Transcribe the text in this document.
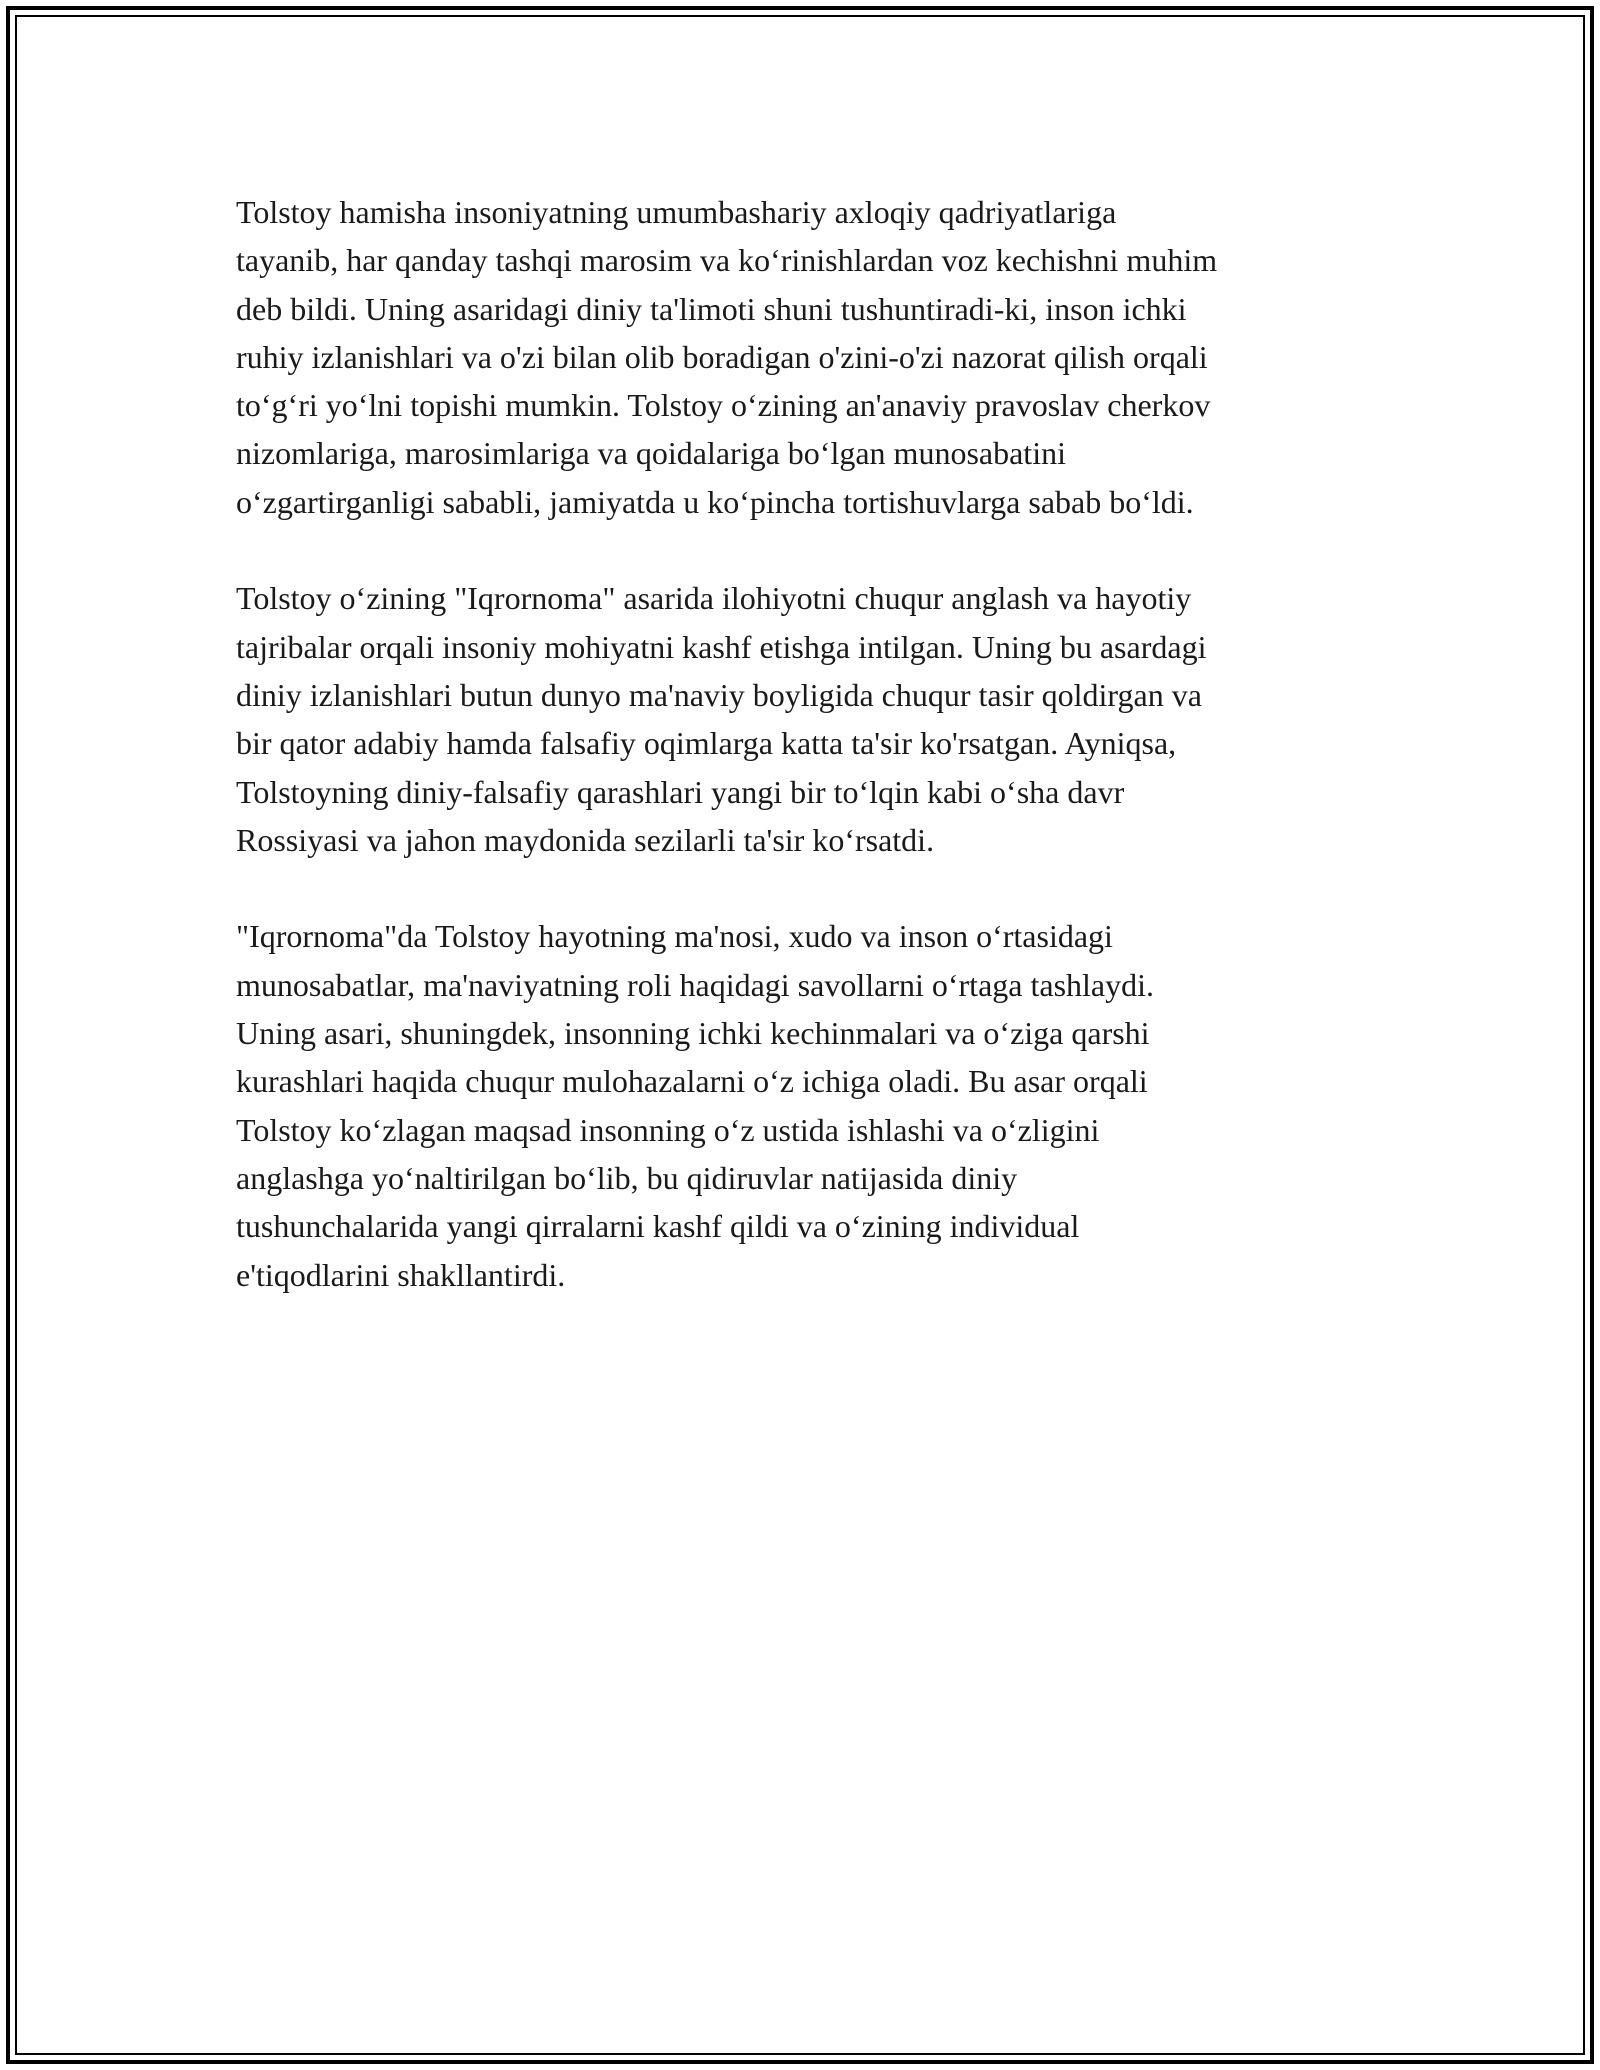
Tolstoy hamisha insoniyatning umumbashariy axloqiy qadriyatlariga
tayanib, har qanday tashqi marosim va ko‘rinishlardan voz kechishni muhim
deb bildi. Uning asaridagi diniy ta'limoti shuni tushuntiradi-ki, inson ichki
ruhiy izlanishlari va o'zi bilan olib boradigan o'zini-o'zi nazorat qilish orqali
to‘g‘ri yo‘lni topishi mumkin. Tolstoy o‘zining an'anaviy pravoslav cherkov
nizomlariga, marosimlariga va qoidalariga bo‘lgan munosabatini
o‘zgartirganligi sababli, jamiyatda u ko‘pincha tortishuvlarga sabab bo‘ldi.

Tolstoy o‘zining "Iqrornoma" asarida ilohiyotni chuqur anglash va hayotiy
tajribalar orqali insoniy mohiyatni kashf etishga intilgan. Uning bu asardagi
diniy izlanishlari butun dunyo ma'naviy boyligida chuqur tasir qoldirgan va
bir qator adabiy hamda falsafiy oqimlarga katta ta'sir ko'rsatgan. Ayniqsa,
Tolstoyning diniy-falsafiy qarashlari yangi bir to‘lqin kabi o‘sha davr
Rossiyasi va jahon maydonida sezilarli ta'sir ko‘rsatdi.

"Iqrornoma"da Tolstoy hayotning ma'nosi, xudo va inson o‘rtasidagi
munosabatlar, ma'naviyatning roli haqidagi savollarni o‘rtaga tashlaydi.
Uning asari, shuningdek, insonning ichki kechinmalari va o‘ziga qarshi
kurashlari haqida chuqur mulohazalarni o‘z ichiga oladi. Bu asar orqali
Tolstoy ko‘zlagan maqsad insonning o‘z ustida ishlashi va o‘zligini
anglashga yo‘naltirilgan bo‘lib, bu qidiruvlar natijasida diniy
tushunchalarida yangi qirralarni kashf qildi va o‘zining individual
e'tiqodlarini shakllantirdi.
